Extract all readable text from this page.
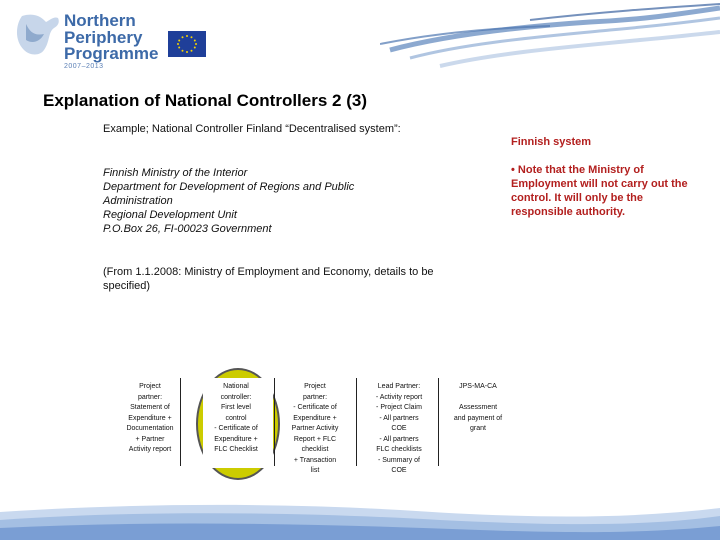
Northern
Periphery
Programme
2007–2013
Explanation of National Controllers 2 (3)
Example; National Controller Finland “Decentralised system”:
Finnish Ministry of the Interior
Department for Development of Regions and Public
Administration
Regional Development Unit
P.O.Box 26, FI-00023 Government
(From 1.1.2008: Ministry of Employment and Economy, details to be specified)
Finnish system
• Note that the Ministry of Employment will not carry out the control. It will only be the responsible authority.
Project
partner:
Statement of
Expenditure +
Documentation
+ Partner
Activity report
National
controller:
First level
control
- Certificate of
Expenditure +
FLC Checklist
Project
partner:
- Certificate of
Expenditure +
Partner Activity
Report + FLC
checklist
+ Transaction
list
Lead Partner:
- Activity report
- Project Claim
- All partners
COE
- All partners
FLC checklists
- Summary of
COE
JPS-MA-CA

Assessment
and payment of
grant
